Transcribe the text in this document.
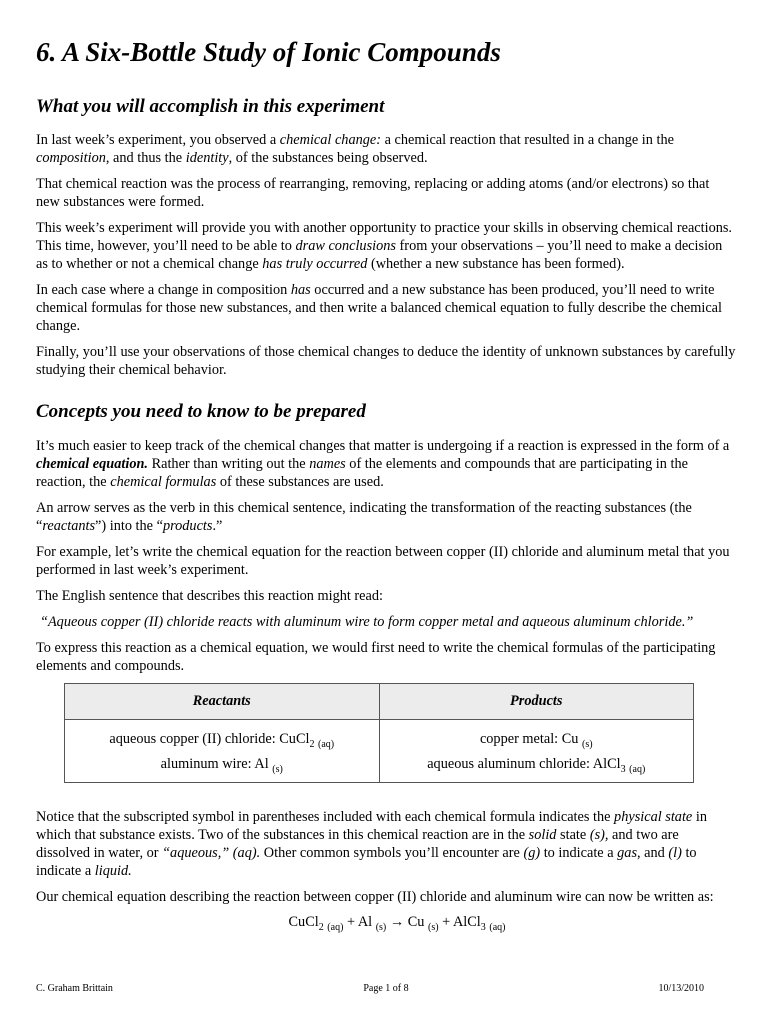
6. A Six-Bottle Study of Ionic Compounds
What you will accomplish in this experiment

In last week’s experiment, you observed a chemical change: a chemical reaction that resulted in a change in the composition, and thus the identity, of the substances being observed.

That chemical reaction was the process of rearranging, removing, replacing or adding atoms (and/or electrons) so that new substances were formed.

This week’s experiment will provide you with another opportunity to practice your skills in observing chemical reactions. This time, however, you’ll need to be able to draw conclusions from your observations – you’ll need to make a decision as to whether or not a chemical change has truly occurred (whether a new substance has been formed).

In each case where a change in composition has occurred and a new substance has been produced, you’ll need to write chemical formulas for those new substances, and then write a balanced chemical equation to fully describe the chemical change.

Finally, you’ll use your observations of those chemical changes to deduce the identity of unknown substances by carefully studying their chemical behavior.

Concepts you need to know to be prepared

It’s much easier to keep track of the chemical changes that matter is undergoing if a reaction is expressed in the form of a chemical equation. Rather than writing out the names of the elements and compounds that are participating in the reaction, the chemical formulas of these substances are used.

An arrow serves as the verb in this chemical sentence, indicating the transformation of the reacting substances (the “reactants”) into the “products.”

For example, let’s write the chemical equation for the reaction between copper (II) chloride and aluminum metal that you performed in last week’s experiment.

The English sentence that describes this reaction might read:

“Aqueous copper (II) chloride reacts with aluminum wire to form copper metal and aqueous aluminum chloride.”

To express this reaction as a chemical equation, we would first need to write the chemical formulas of the participating elements and compounds.

Reactants	Products
aqueous copper (II) chloride: CuCl$_2$ $_{(aq)}$	copper metal: Cu $_{(s)}$
aluminum wire: Al $_{(s)}$	aqueous aluminum chloride: AlCl$_3$ $_{(aq)}$

Notice that the subscripted symbol in parentheses included with each chemical formula indicates the physical state in which that substance exists. Two of the substances in this chemical reaction are in the solid state (s), and two are dissolved in water, or “aqueous,” (aq). Other common symbols you’ll encounter are (g) to indicate a gas, and (l) to indicate a liquid.

Our chemical equation describing the reaction between copper (II) chloride and aluminum wire can now be written as:

CuCl$_2$ $_{(aq)}$ + Al $_{(s)}$ → Cu $_{(s)}$ + AlCl$_3$ $_{(aq)}$
C. Graham Brittain	Page 1 of 8	10/13/2010
